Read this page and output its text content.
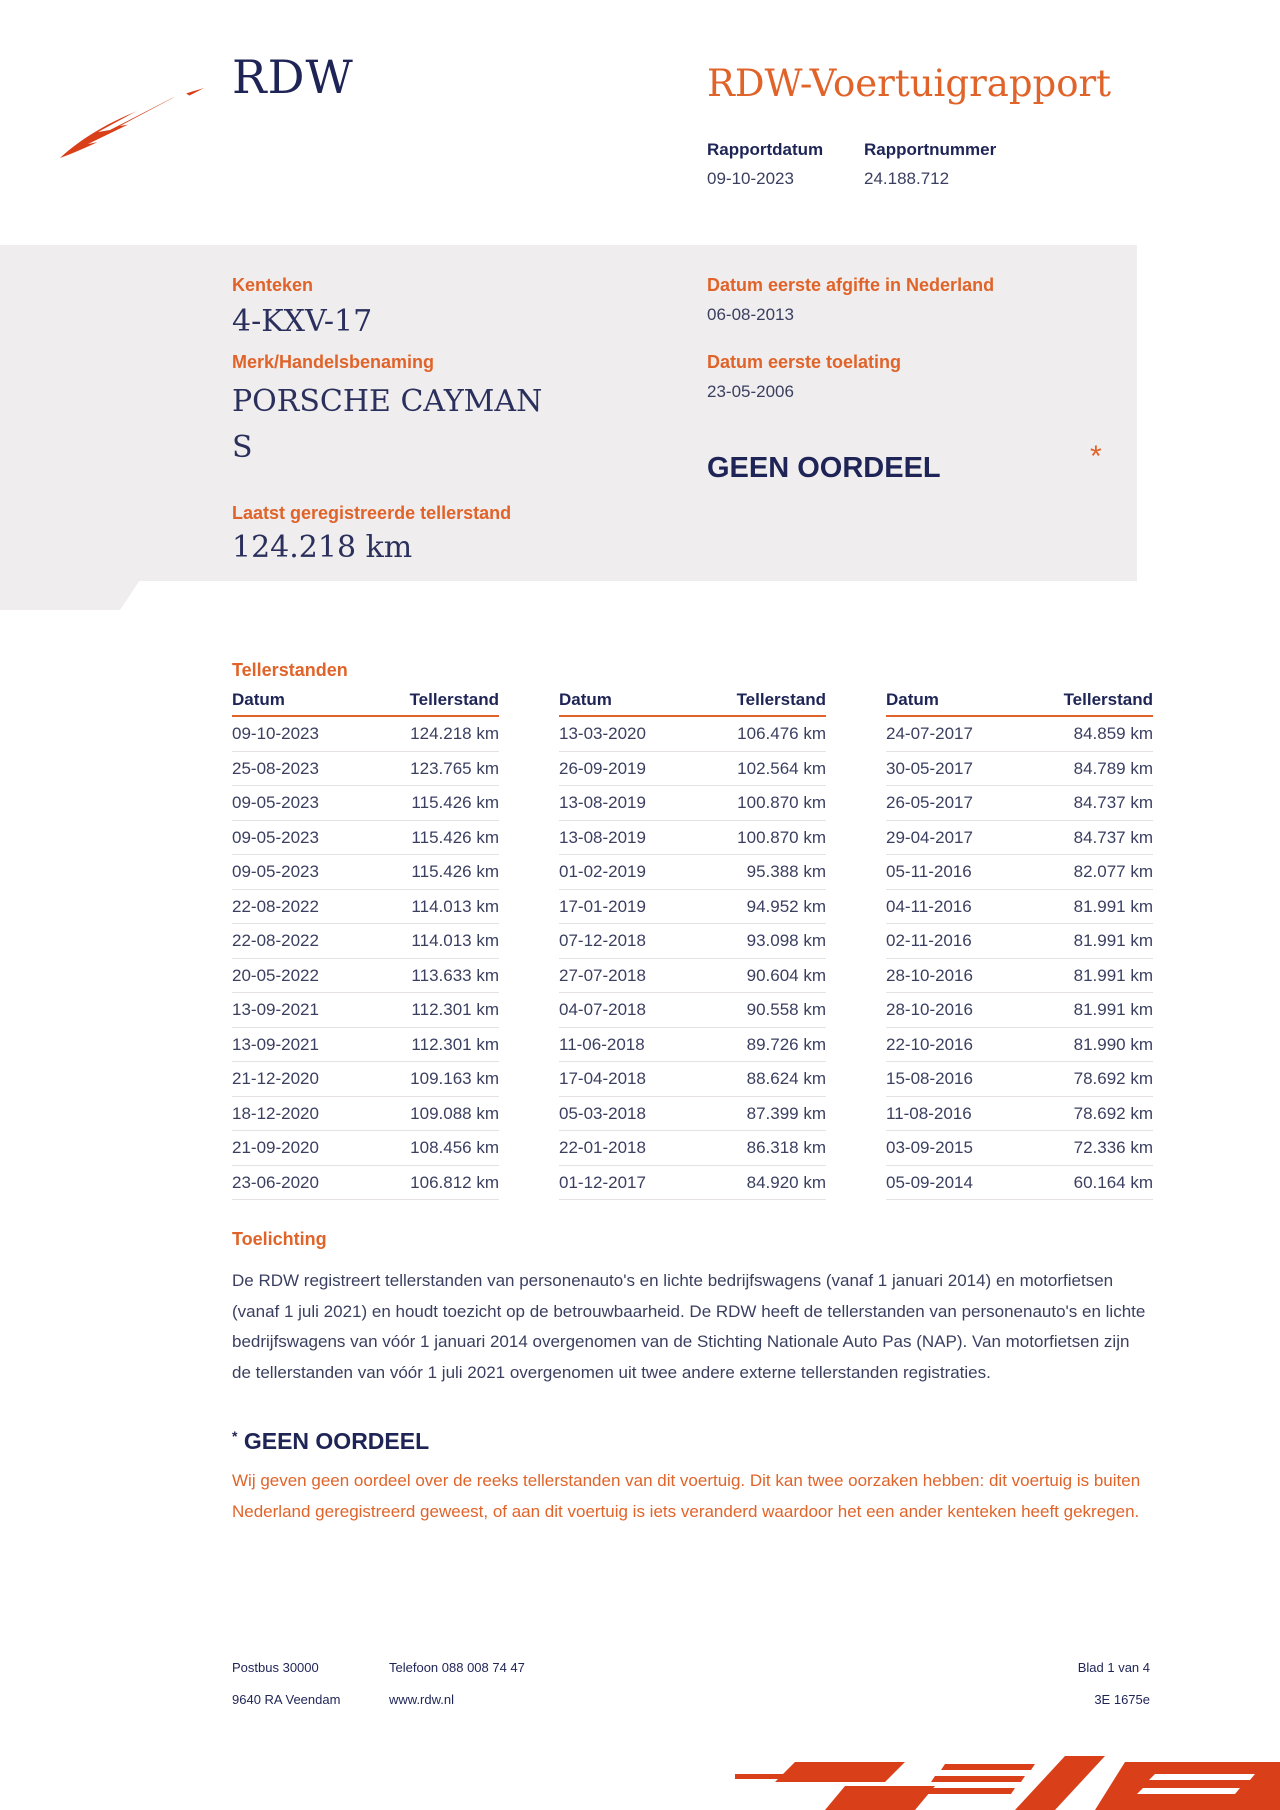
RDW	RDW-Voertuigrapport
Rapportdatum
09-10-2023
Rapportnummer
24.188.712
Kenteken
4-KXV-17
Merk/Handelsbenaming
PORSCHE CAYMAN
S
Laatst geregistreerde tellerstand
124.218 km
Datum eerste afgifte in Nederland
06-08-2013
Datum eerste toelating
23-05-2006
GEEN OORDEEL	*
Tellerstanden
Datum	Tellerstand
09-10-2023	124.218 km
25-08-2023	123.765 km
09-05-2023	115.426 km
09-05-2023	115.426 km
09-05-2023	115.426 km
22-08-2022	114.013 km
22-08-2022	114.013 km
20-05-2022	113.633 km
13-09-2021	112.301 km
13-09-2021	112.301 km
21-12-2020	109.163 km
18-12-2020	109.088 km
21-09-2020	108.456 km
23-06-2020	106.812 km
Datum	Tellerstand
13-03-2020	106.476 km
26-09-2019	102.564 km
13-08-2019	100.870 km
13-08-2019	100.870 km
01-02-2019	95.388 km
17-01-2019	94.952 km
07-12-2018	93.098 km
27-07-2018	90.604 km
04-07-2018	90.558 km
11-06-2018	89.726 km
17-04-2018	88.624 km
05-03-2018	87.399 km
22-01-2018	86.318 km
01-12-2017	84.920 km
Datum	Tellerstand
24-07-2017	84.859 km
30-05-2017	84.789 km
26-05-2017	84.737 km
29-04-2017	84.737 km
05-11-2016	82.077 km
04-11-2016	81.991 km
02-11-2016	81.991 km
28-10-2016	81.991 km
28-10-2016	81.991 km
22-10-2016	81.990 km
15-08-2016	78.692 km
11-08-2016	78.692 km
03-09-2015	72.336 km
05-09-2014	60.164 km
Toelichting
De RDW registreert tellerstanden van personenauto's en lichte bedrijfswagens (vanaf 1 januari 2014) en motorfietsen (vanaf 1 juli 2021) en houdt toezicht op de betrouwbaarheid. De RDW heeft de tellerstanden van personenauto's en lichte bedrijfswagens van vóór 1 januari 2014 overgenomen van de Stichting Nationale Auto Pas (NAP). Van motorfietsen zijn de tellerstanden van vóór 1 juli 2021 overgenomen uit twee andere externe tellerstanden registraties.
* GEEN OORDEEL
Wij geven geen oordeel over de reeks tellerstanden van dit voertuig. Dit kan twee oorzaken hebben: dit voertuig is buiten Nederland geregistreerd geweest, of aan dit voertuig is iets veranderd waardoor het een ander kenteken heeft gekregen.
Postbus 30000
9640 RA Veendam
Telefoon 088 008 74 47
www.rdw.nl
Blad 1 van 4
3E 1675e
